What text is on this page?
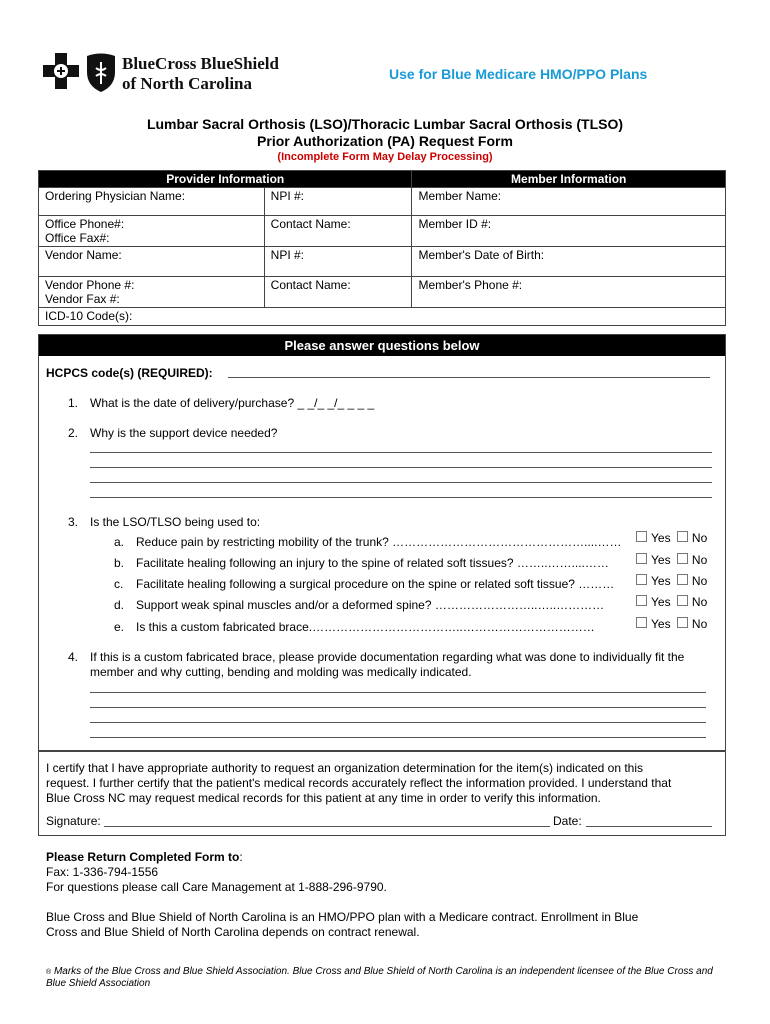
BlueCross BlueShield
of North Carolina	Use for Blue Medicare HMO/PPO Plans
Lumbar Sacral Orthosis (LSO)/Thoracic Lumbar Sacral Orthosis (TLSO)
Prior Authorization (PA) Request Form
(Incomplete Form May Delay Processing)
Provider Information		Member Information
Ordering Physician Name:	NPI #:	Member Name:

Office Phone#:
Office Fax#:	Contact Name:	Member ID #:
Vendor Name:	NPI #:	Member's Date of Birth:

Vendor Phone #:
Vendor Fax #:	Contact Name:	Member's Phone #:
ICD-10 Code(s):		
Please answer questions below
HCPCS code(s) (REQUIRED):
1. What is the date of delivery/purchase? _ _/_ _/_ _ _ _
2. Why is the support device needed?
3. Is the LSO/TLSO being used to:
a. Reduce pain by restricting mobility of the trunk? …………………………………………....……	Yes No
b. Facilitate healing following an injury to the spine of related soft tissues? ……..……....……	Yes No
c. Facilitate healing following a surgical procedure on the spine or related soft tissue? ………	Yes No
d. Support weak spinal muscles and/or a deformed spine? ……………………..…..…………	Yes No
e. Is this a custom fabricated brace.………………………………..……………………………	Yes No
4. If this is a custom fabricated brace, please provide documentation regarding what was done to individually fit the
member and why cutting, bending and molding was medically indicated.
I certify that I have appropriate authority to request an organization determination for the item(s) indicated on this
request. I further certify that the patient's medical records accurately reflect the information provided. I understand that
Blue Cross NC may request medical records for this patient at any time in order to verify this information.
Signature:	Date:
Please Return Completed Form to:
Fax: 1-336-794-1556
For questions please call Care Management at 1-888-296-9790.
Blue Cross and Blue Shield of North Carolina is an HMO/PPO plan with a Medicare contract. Enrollment in Blue
Cross and Blue Shield of North Carolina depends on contract renewal.
® Marks of the Blue Cross and Blue Shield Association. Blue Cross and Blue Shield of North Carolina is an independent licensee of the Blue Cross and
Blue Shield Association
